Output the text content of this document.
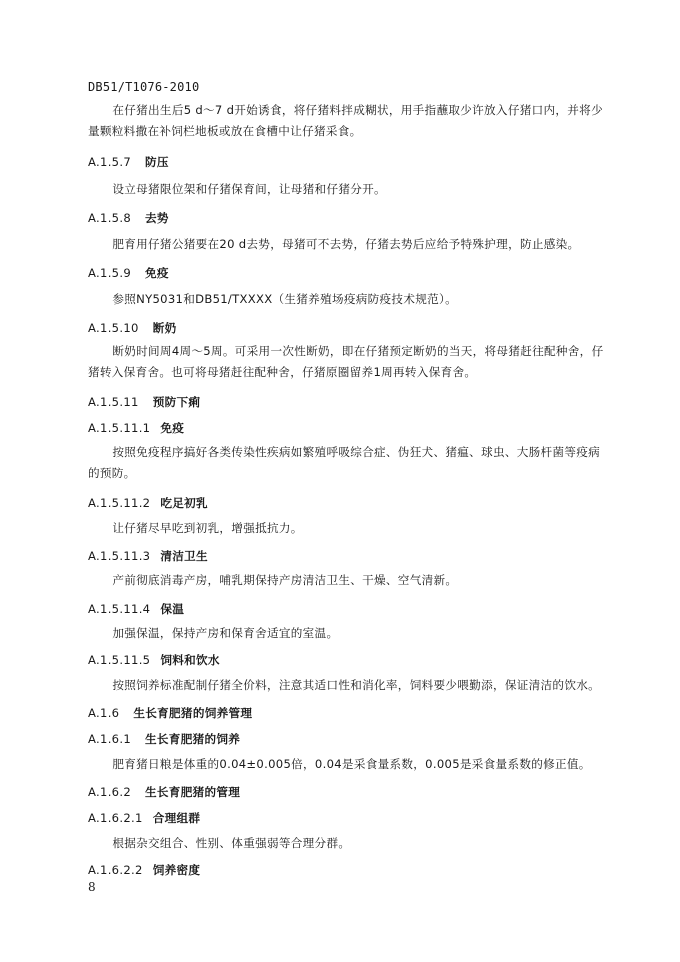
DB51/T1076-2010
在仔猪出生后5 d～7 d开始诱食，将仔猪料拌成糊状，用手指蘸取少许放入仔猪口内，并将少量颗粒料撒在补饲栏地板或放在食槽中让仔猪采食。
A.1.5.7 防压
设立母猪限位架和仔猪保育间，让母猪和仔猪分开。
A.1.5.8 去势
肥育用仔猪公猪要在20 d去势，母猪可不去势，仔猪去势后应给予特殊护理，防止感染。
A.1.5.9 免疫
参照NY5031和DB51/TXXXX（生猪养殖场疫病防疫技术规范）。
A.1.5.10 断奶
断奶时间周4周～5周。可采用一次性断奶，即在仔猪预定断奶的当天，将母猪赶往配种舍，仔猪转入保育舍。也可将母猪赶往配种舍，仔猪原圈留养1周再转入保育舍。
A.1.5.11 预防下痢
A.1.5.11.1 免疫
按照免疫程序搞好各类传染性疾病如繁殖呼吸综合症、伪狂犬、猪瘟、球虫、大肠杆菌等疫病的预防。
A.1.5.11.2 吃足初乳
让仔猪尽早吃到初乳，增强抵抗力。
A.1.5.11.3 清洁卫生
产前彻底消毒产房，哺乳期保持产房清洁卫生、干燥、空气清新。
A.1.5.11.4 保温
加强保温，保持产房和保育舍适宜的室温。
A.1.5.11.5 饲料和饮水
按照饲养标准配制仔猪全价料，注意其适口性和消化率，饲料要少喂勤添，保证清洁的饮水。
A.1.6 生长育肥猪的饲养管理
A.1.6.1 生长育肥猪的饲养
肥育猪日粮是体重的0.04±0.005倍，0.04是采食量系数，0.005是采食量系数的修正值。
A.1.6.2 生长育肥猪的管理
A.1.6.2.1 合理组群
根据杂交组合、性别、体重强弱等合理分群。
A.1.6.2.2 饲养密度
8
